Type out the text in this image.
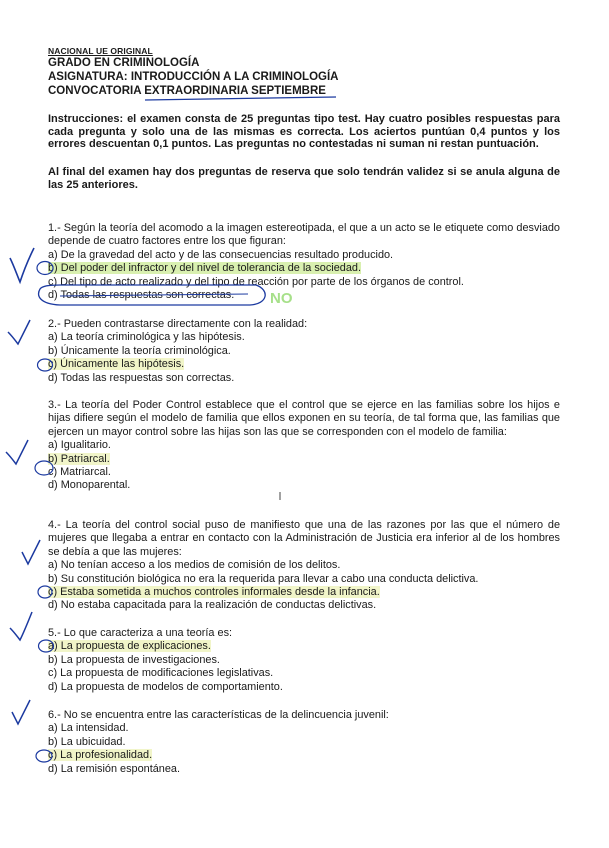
NACIONAL UE ORIGINAL
GRADO EN CRIMINOLOGÍA
ASIGNATURA: INTRODUCCIÓN A LA CRIMINOLOGÍA
CONVOCATORIA EXTRAORDINARIA SEPTIEMBRE
Instrucciones: el examen consta de 25 preguntas tipo test. Hay cuatro posibles respuestas para cada pregunta y solo una de las mismas es correcta. Los aciertos puntúan 0,4 puntos y los errores descuentan 0,1 puntos. Las preguntas no contestadas ni suman ni restan puntuación.
Al final del examen hay dos preguntas de reserva que solo tendrán validez si se anula alguna de las 25 anteriores.
1.- Según la teoría del acomodo a la imagen estereotipada, el que a un acto se le etiquete como desviado depende de cuatro factores entre los que figuran:
a) De la gravedad del acto y de las consecuencias resultado producido.
b) Del poder del infractor y del nivel de tolerancia de la sociedad.
c) Del tipo de acto realizado y del tipo de reacción por parte de los órganos de control.
d) Todas las respuestas son correctas.
2.- Pueden contrastarse directamente con la realidad:
a) La teoría criminológica y las hipótesis.
b) Únicamente la teoría criminológica.
c) Únicamente las hipótesis.
d) Todas las respuestas son correctas.
3.- La teoría del Poder Control establece que el control que se ejerce en las familias sobre los hijos e hijas difiere según el modelo de familia que ellos exponen en su teoría, de tal forma que, las familias que ejercen un mayor control sobre las hijas son las que se corresponden con el modelo de familia:
a) Igualitario.
b) Patriarcal.
c) Matriarcal.
d) Monoparental.
4.- La teoría del control social puso de manifiesto que una de las razones por las que el número de mujeres que llegaba a entrar en contacto con la Administración de Justicia era inferior al de los hombres se debía a que las mujeres:
a) No tenían acceso a los medios de comisión de los delitos.
b) Su constitución biológica no era la requerida para llevar a cabo una conducta delictiva.
c) Estaba sometida a muchos controles informales desde la infancia.
d) No estaba capacitada para la realización de conductas delictivas.
5.- Lo que caracteriza a una teoría es:
a) La propuesta de explicaciones.
b) La propuesta de investigaciones.
c) La propuesta de modificaciones legislativas.
d) La propuesta de modelos de comportamiento.
6.- No se encuentra entre las características de la delincuencia juvenil:
a) La intensidad.
b) La ubicuidad.
c) La profesionalidad.
d) La remisión espontánea.
NO
